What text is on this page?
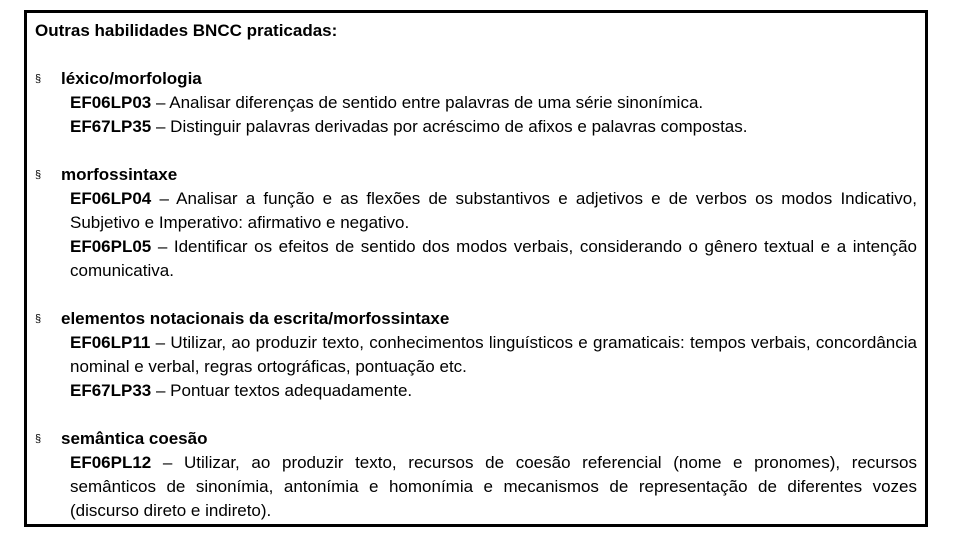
Outras habilidades BNCC praticadas:
§ léxico/morfologia
EF06LP03 – Analisar diferenças de sentido entre palavras de uma série sinonímica.
EF67LP35 – Distinguir palavras derivadas por acréscimo de afixos e palavras compostas.
§ morfossintaxe
EF06LP04 – Analisar a função e as flexões de substantivos e adjetivos e de verbos os modos Indicativo, Subjetivo e Imperativo: afirmativo e negativo.
EF06PL05 – Identificar os efeitos de sentido dos modos verbais, considerando o gênero textual e a intenção comunicativa.
§ elementos notacionais da escrita/morfossintaxe
EF06LP11 – Utilizar, ao produzir texto, conhecimentos linguísticos e gramaticais: tempos verbais, concordância nominal e verbal, regras ortográficas, pontuação etc.
EF67LP33 – Pontuar textos adequadamente.
§ semântica coesão
EF06PL12 – Utilizar, ao produzir texto, recursos de coesão referencial (nome e pronomes), recursos semânticos de sinonímia, antonímia e homonímia e mecanismos de representação de diferentes vozes (discurso direto e indireto).
